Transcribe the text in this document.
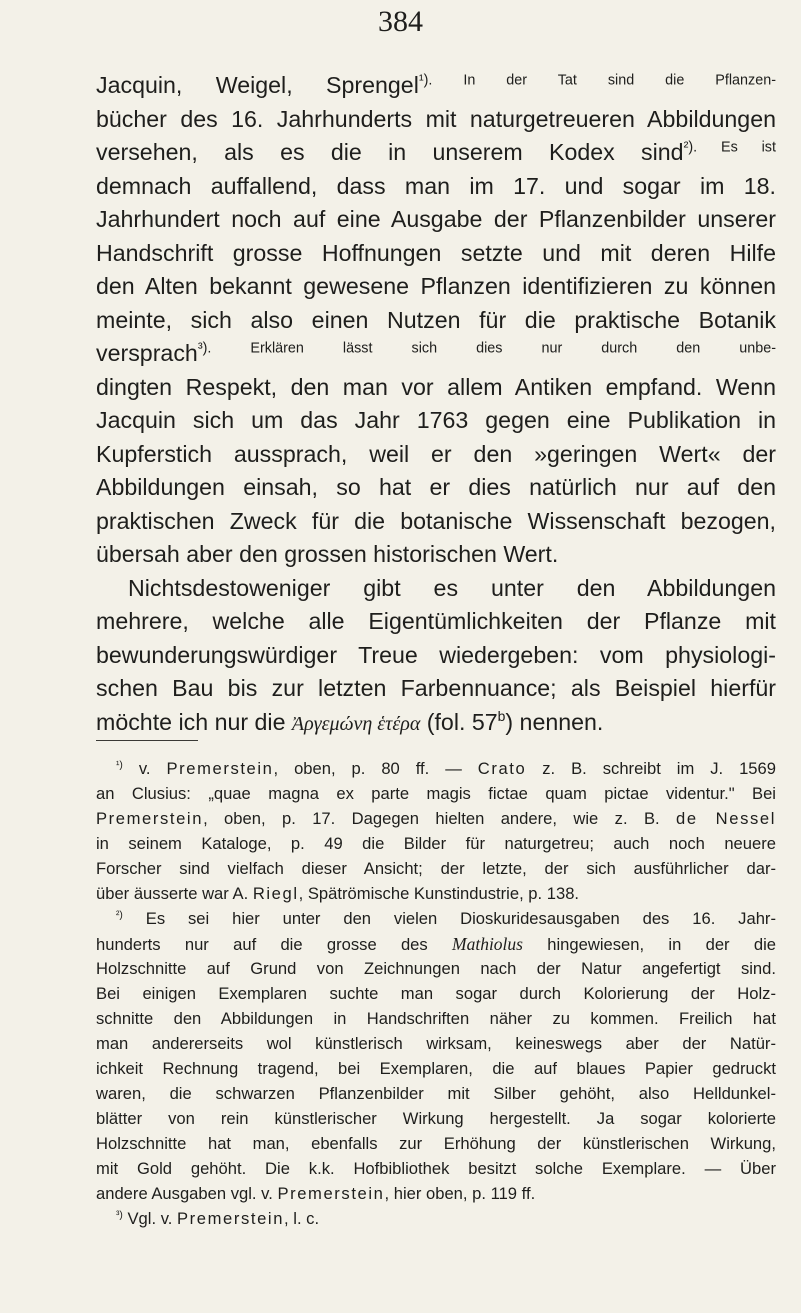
384
Jacquin, Weigel, Sprengel$^{^1). In der Tat sind die Pflanzen-}$
bücher des 16. Jahrhunderts mit naturgetreueren Abbildungen
versehen, als es die in unserem Kodex sind$^{^2). Es ist}$
demnach auffallend, dass man im 17. und sogar im 18.
Jahrhundert noch auf eine Ausgabe der Pflanzenbilder unserer
Handschrift grosse Hoffnungen setzte und mit deren Hilfe
den Alten bekannt gewesene Pflanzen identifizieren zu können
meinte, sich also einen Nutzen für die praktische Botanik
versprach$^{^3). Erklären lässt sich dies nur durch den unbe-}$
dingten Respekt, den man vor allem Antiken empfand. Wenn
Jacquin sich um das Jahr 1763 gegen eine Publikation in
Kupferstich aussprach, weil er den »geringen Wert« der
Abbildungen einsah, so hat er dies natürlich nur auf den
praktischen Zweck für die botanische Wissenschaft bezogen,
übersah aber den grossen historischen Wert.
Nichtsdestoweniger gibt es unter den Abbildungen
mehrere, welche alle Eigentümlichkeiten der Pflanze mit
bewunderungswürdiger Treue wiedergeben: vom physiologi-
schen Bau bis zur letzten Farbennuance; als Beispiel hierfür
möchte ich nur die Ἀργεμώνη ἑτέρα (fol. 57$^b$) nennen.
$^{^1)}$ v. Premerstein, oben, p. 80 ff. — Crato z. B. schreibt im J. 1569
an Clusius: „quae magna ex parte magis fictae quam pictae videntur." Bei
Premerstein, oben, p. 17. Dagegen hielten andere, wie z. B. de Nessel
in seinem Kataloge, p. 49 die Bilder für naturgetreu; auch noch neuere
Forscher sind vielfach dieser Ansicht; der letzte, der sich ausführlicher dar-
über äusserte war A. Riegl, Spätrömische Kunstindustrie, p. 138.
$^{^2)}$ Es sei hier unter den vielen Dioskuridesausgaben des 16. Jahr-
hunderts nur auf die grosse des Mathiolus hingewiesen, in der die
Holzschnitte auf Grund von Zeichnungen nach der Natur angefertigt sind.
Bei einigen Exemplaren suchte man sogar durch Kolorierung der Holz-
schnitte den Abbildungen in Handschriften näher zu kommen. Freilich hat
man andererseits wol künstlerisch wirksam, keineswegs aber der Natür-
ichkeit Rechnung tragend, bei Exemplaren, die auf blaues Papier gedruckt
waren, die schwarzen Pflanzenbilder mit Silber gehöht, also Helldunkel-
blätter von rein künstlerischer Wirkung hergestellt. Ja sogar kolorierte
Holzschnitte hat man, ebenfalls zur Erhöhung der künstlerischen Wirkung,
mit Gold gehöht. Die k.k. Hofbibliothek besitzt solche Exemplare. — Über
andere Ausgaben vgl. v. Premerstein, hier oben, p. 119 ff.
$^{^3)}$ Vgl. v. Premerstein, l. c.
